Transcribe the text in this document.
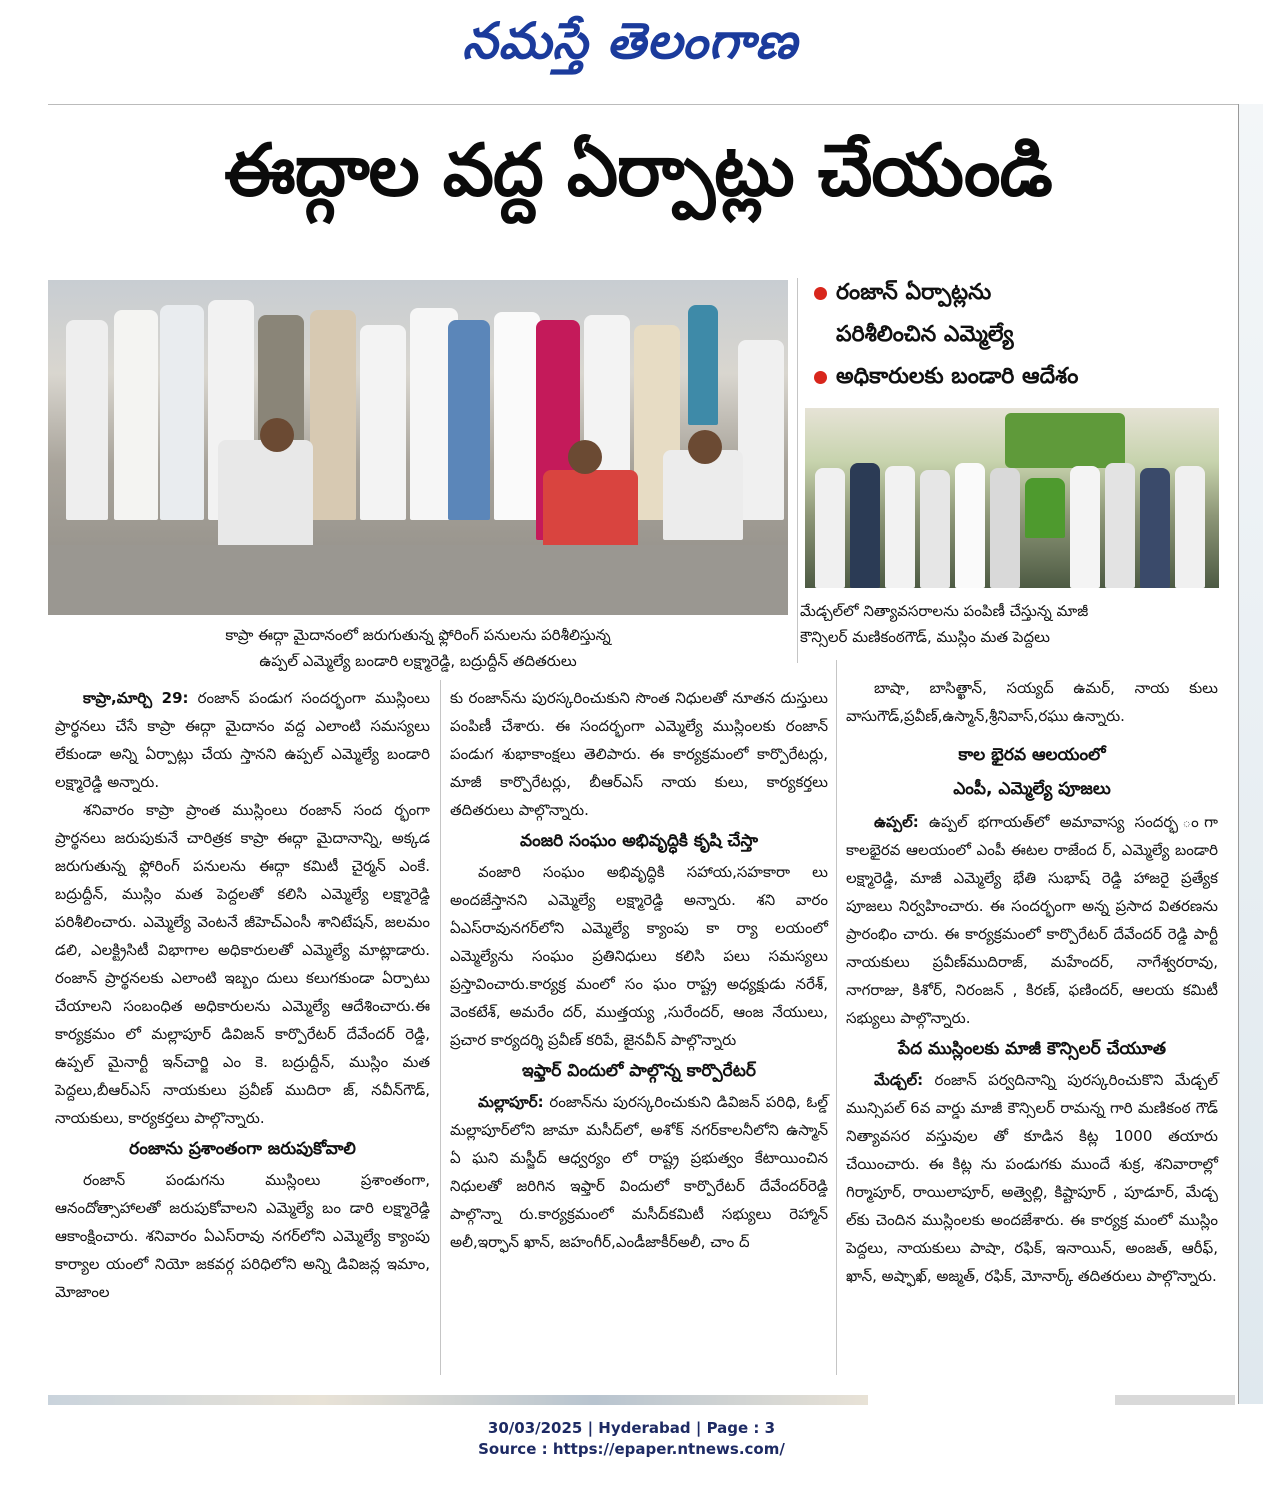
నమస్తే తెలంగాణ
ఈద్గాల వద్ద ఏర్పాట్లు చేయండి
రంజాన్ ఏర్పాట్లను
పరిశీలించిన ఎమ్మెల్యే
అధికారులకు బండారి ఆదేశం
కాప్రా ఈద్గా మైదానంలో జరుగుతున్న ఫ్లోరింగ్ పనులను పరిశీలిస్తున్న
ఉప్పల్ ఎమ్మెల్యే బండారి లక్ష్మారెడ్డి, బద్రుద్దీన్ తదితరులు
మేడ్చల్‌లో నిత్యావసరాలను పంపిణీ చేస్తున్న మాజీ
కౌన్సిలర్ మణికంఠగౌడ్, ముస్లిం మత పెద్దలు

కాప్రా,మార్చి 29: రంజాన్ పండుగ సందర్భంగా ముస్లింలు ప్రార్థనలు చేసే కాప్రా ఈద్గా మైదానం వద్ద ఎలాంటి సమస్యలు లేకుండా అన్ని ఏర్పాట్లు చేయ స్తానని ఉప్పల్ ఎమ్మెల్యే బండారి లక్ష్మారెడ్డి అన్నారు.

శనివారం కాప్రా ప్రాంత ముస్లింలు రంజాన్ సంద ర్భంగా ప్రార్థనలు జరుపుకునే చారిత్రక కాప్రా ఈద్గా మైదానాన్ని, అక్కడ జరుగుతున్న ఫ్లోరింగ్ పనులను ఈద్గా కమిటీ చైర్మన్ ఎంకే. బద్రుద్దీన్, ముస్లిం మత పెద్దలతో కలిసి ఎమ్మెల్యే లక్ష్మారెడ్డి పరిశీలించారు. ఎమ్మెల్యే వెంటనే జీహెచ్ఎంసీ శానిటేషన్, జలమం డలి, ఎలక్ట్రిసిటీ విభాగాల అధికారులతో ఎమ్మెల్యే మాట్లాడారు. రంజాన్ ప్రార్థనలకు ఎలాంటి ఇబ్బం దులు కలుగకుండా ఏర్పాటు చేయాలని సంబంధిత అధికారులను ఎమ్మెల్యే ఆదేశించారు.ఈ కార్యక్రమం లో మల్లాపూర్ డివిజన్ కార్పొరేటర్ దేవేందర్ రెడ్డి, ఉప్పల్ మైనార్టీ ఇన్‌చార్జి ఎం కె. బద్రుద్దీన్, ముస్లిం మత పెద్దలు,బీఆర్ఎస్ నాయకులు ప్రవీణ్ ముదిరా జ్, నవీన్‌గౌడ్, నాయకులు, కార్యకర్తలు పాల్గొన్నారు.

రంజాను ప్రశాంతంగా జరుపుకోవాలి

రంజాన్ పండుగను ముస్లింలు ప్రశాంతంగా, ఆనందోత్సాహాలతో జరుపుకోవాలని ఎమ్మెల్యే బం డారి లక్ష్మారెడ్డి ఆకాంక్షించారు. శనివారం ఏఎస్‌రావు నగర్‌లోని ఎమ్మెల్యే క్యాంపు కార్యాల యంలో నియో జకవర్గ పరిధిలోని అన్ని డివిజన్ల ఇమాం, మోజాంల

కు రంజాన్‌ను పురస్కరించుకుని సొంత నిధులతో నూతన దుస్తులు పంపిణీ చేశారు. ఈ సందర్భంగా ఎమ్మెల్యే ముస్లింలకు రంజాన్ పండుగ శుభాకాంక్షలు తెలిపారు. ఈ కార్యక్రమంలో కార్పొరేటర్లు, మాజీ కార్పొరేటర్లు, బీఆర్ఎస్ నాయ కులు, కార్యకర్తలు తదితరులు పాల్గొన్నారు.

వంజరి సంఘం అభివృద్ధికి కృషి చేస్తా

వంజారి సంఘం అభివృద్ధికి సహాయ,సహకారా లు అందజేస్తానని ఎమ్మెల్యే లక్ష్మారెడ్డి అన్నారు. శని వారం ఏఎస్‌రావునగర్‌లోని ఎమ్మెల్యే క్యాంపు కా ర్యా లయంలో ఎమ్మెల్యేను సంఘం ప్రతినిధులు కలిసి పలు సమస్యలు ప్రస్తావించారు.కార్యక్ర మంలో సం ఘం రాష్ట్ర అధ్యక్షుడు నరేశ్, వెంకటేశ్, అమరేం దర్, ముత్తయ్య ,సురేందర్, ఆంజ నేయులు, ప్రచార కార్యదర్శి ప్రవీణ్ కరిపే, జైనవీన్ పాల్గొన్నారు

ఇఫ్తార్ విందులో పాల్గొన్న కార్పొరేటర్

మల్లాపూర్: రంజాన్‌ను పురస్కరించుకుని డివిజన్ పరిధి, ఓల్డ్ మల్లాపూర్‌లోని జామా మసీద్‌లో, అశోక్ నగర్‌కాలనీలోని ఉస్మాన్ ఏ ఘని మస్జీద్ ఆధ్వర్యం లో రాష్ట్ర ప్రభుత్వం కేటాయించిన నిధులతో జరిగిన ఇఫ్తార్ విందులో కార్పొరేటర్ దేవేందర్‌రెడ్డి పాల్గొన్నా రు.కార్యక్రమంలో మసీద్‌కమిటీ సభ్యులు రెహ్మాన్ అలీ,ఇర్ఫాన్ ఖాన్, జహంగీర్,ఎండీజాకీర్‌అలీ, చాం ద్

బాషా, బాసిత్ఖాన్, సయ్యద్ ఉమర్, నాయ కులు వాసుగౌడ్,ప్రవీణ్,ఉస్మాన్,శ్రీనివాస్,రఘు ఉన్నారు.

కాల భైరవ ఆలయంలో
ఎంపీ, ఎమ్మెల్యే పూజలు

ఉప్పల్: ఉప్పల్ భగాయత్‌లో అమావాస్య సందర్భ ంగా కాలభైరవ ఆలయంలో ఎంపీ ఈటల రాజేంద ర్, ఎమ్మెల్యే బండారి లక్ష్మారెడ్డి, మాజీ ఎమ్మెల్యే భేతి సుభాష్ రెడ్డి హాజరై ప్రత్యేక పూజలు నిర్వహించారు. ఈ సందర్భంగా అన్న ప్రసాద వితరణను ప్రారంభిం చారు. ఈ కార్యక్రమంలో కార్పొరేటర్ దేవేందర్ రెడ్డి పార్టీ నాయకులు ప్రవీణ్‌ముదిరాజ్, మహేందర్, నాగేశ్వరరావు, నాగరాజు, కిశోర్, నిరంజన్ , కిరణ్, ఫణిందర్, ఆలయ కమిటీ సభ్యులు పాల్గొన్నారు.

పేద ముస్లింలకు మాజీ కౌన్సిలర్ చేయూత

మేడ్చల్: రంజాన్ పర్వదినాన్ని పురస్కరించుకొని మేడ్చల్ మున్సిపల్ 6వ వార్డు మాజీ కౌన్సిలర్ రామన్న గారి మణికంఠ గౌడ్ నిత్యావసర వస్తువుల తో కూడిన కిట్ల 1000 తయారు చేయించారు. ఈ కిట్ల ను పండుగకు ముందే శుక్ర, శనివారాల్లో గిర్మాపూర్, రాయిలాపూర్, అత్వెల్లి, కిష్టాపూర్ , పూడూర్, మేడ్చ ల్‌కు చెందిన ముస్లింలకు అందజేశారు. ఈ కార్యక్ర మంలో ముస్లిం పెద్దలు, నాయకులు పాషా, రఫిక్, ఇనాయిన్, అంజత్, ఆరీఫ్, ఖాన్, అష్ఫాఖ్, అజ్మత్, రఫిక్, మోనార్క్ తదితరులు పాల్గొన్నారు.

30/03/2025 | Hyderabad | Page : 3
Source : https://epaper.ntnews.com/
